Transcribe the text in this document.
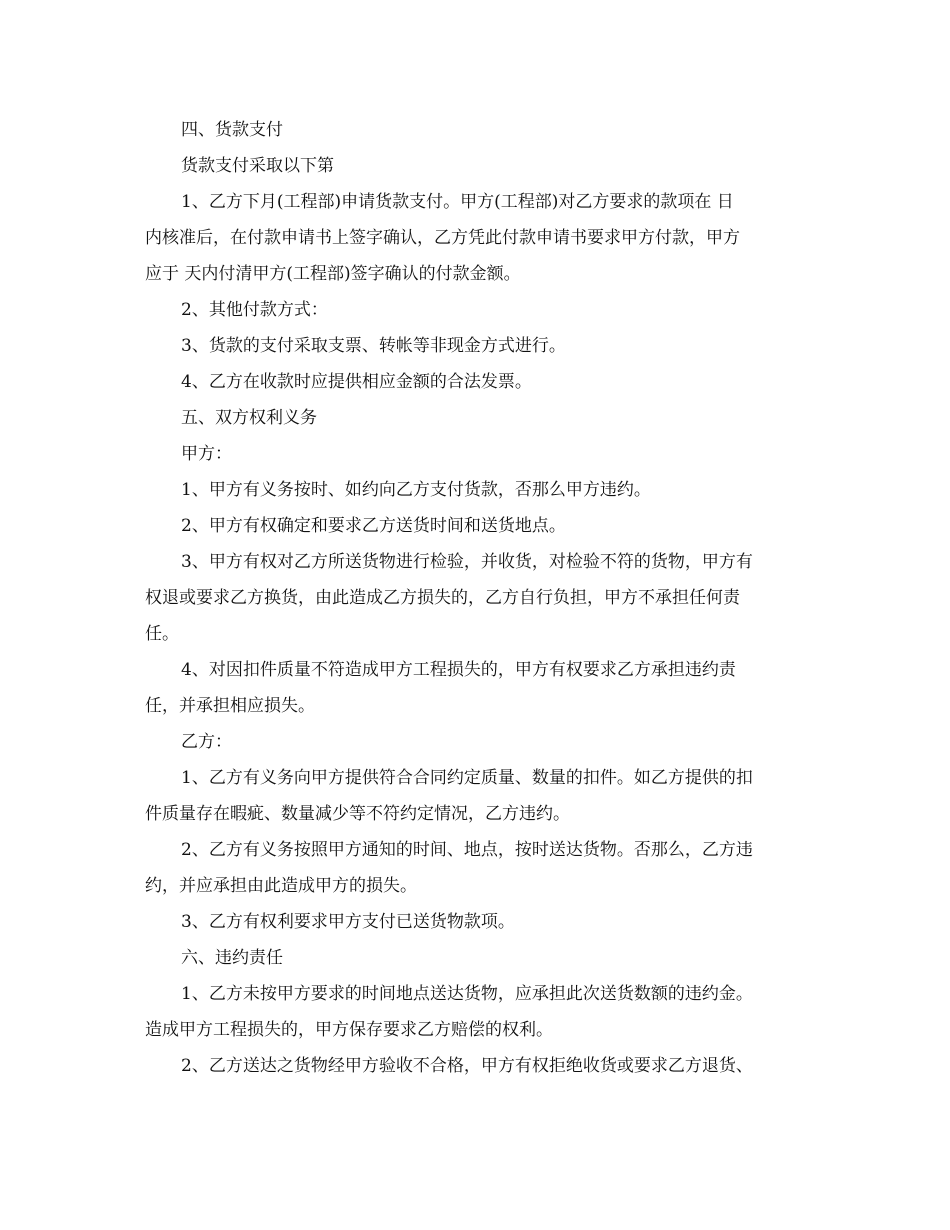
四、货款支付
货款支付采取以下第
1、乙方下月(工程部)申请货款支付。甲方(工程部)对乙方要求的款项在 日
内核准后，在付款申请书上签字确认，乙方凭此付款申请书要求甲方付款，甲方
应于 天内付清甲方(工程部)签字确认的付款金额。
2、其他付款方式：
3、货款的支付采取支票、转帐等非现金方式进行。
4、乙方在收款时应提供相应金额的合法发票。
五、双方权利义务
甲方：
1、甲方有义务按时、如约向乙方支付货款，否那么甲方违约。
2、甲方有权确定和要求乙方送货时间和送货地点。
3、甲方有权对乙方所送货物进行检验，并收货，对检验不符的货物，甲方有
权退或要求乙方换货，由此造成乙方损失的，乙方自行负担，甲方不承担任何责
任。
4、对因扣件质量不符造成甲方工程损失的，甲方有权要求乙方承担违约责
任，并承担相应损失。
乙方：
1、乙方有义务向甲方提供符合合同约定质量、数量的扣件。如乙方提供的扣
件质量存在暇疵、数量减少等不符约定情况，乙方违约。
2、乙方有义务按照甲方通知的时间、地点，按时送达货物。否那么，乙方违
约，并应承担由此造成甲方的损失。
3、乙方有权利要求甲方支付已送货物款项。
六、违约责任
1、乙方未按甲方要求的时间地点送达货物，应承担此次送货数额的违约金。
造成甲方工程损失的，甲方保存要求乙方赔偿的权利。
2、乙方送达之货物经甲方验收不合格，甲方有权拒绝收货或要求乙方退货、
